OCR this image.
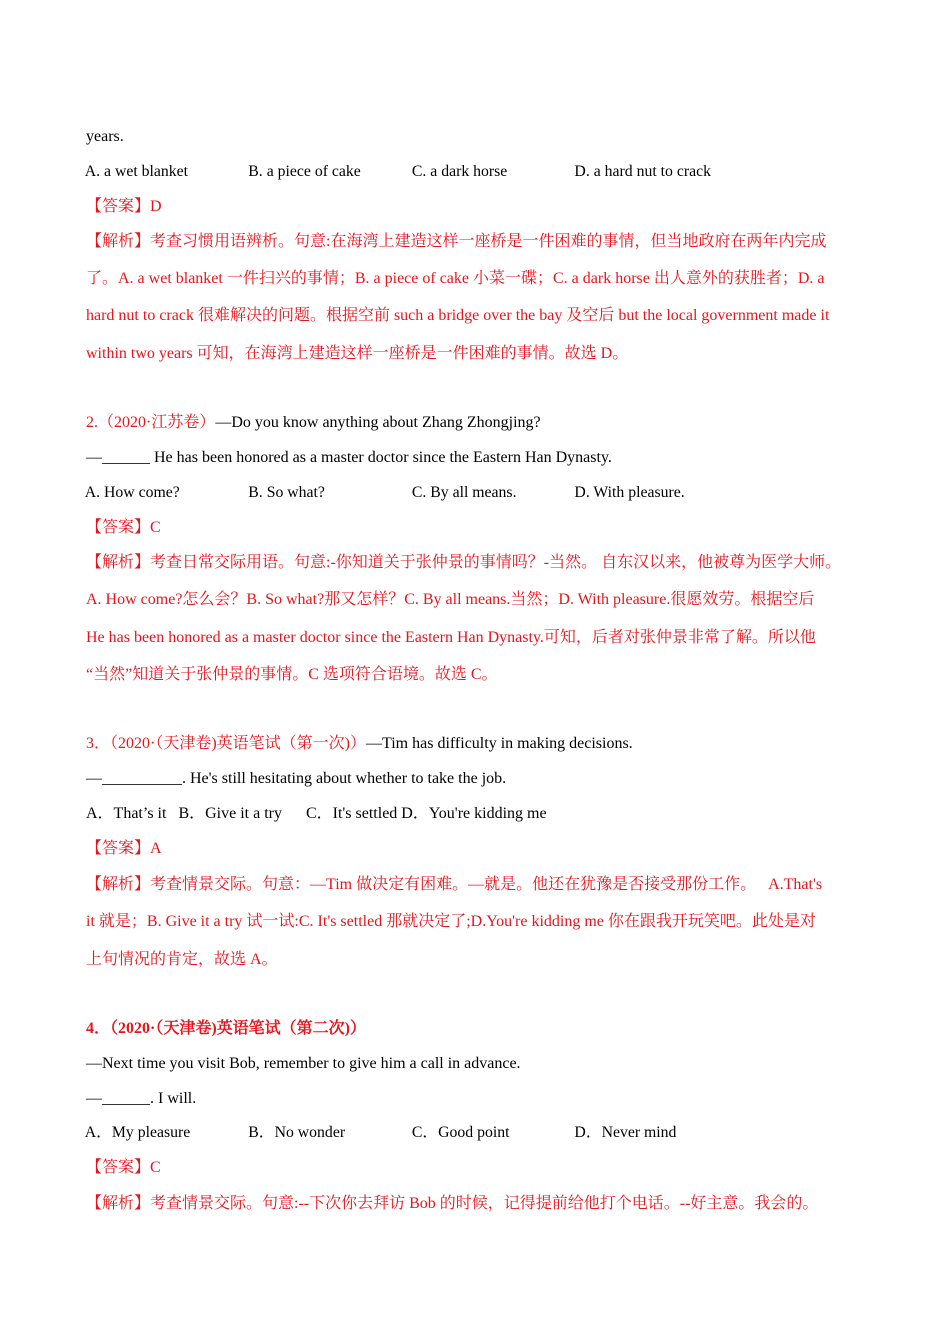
years.
A. a wet blanket	B. a piece of cake	C. a dark horse	D. a hard nut to crack
【答案】D
【解析】考查习惯用语辨析。句意:在海湾上建造这样一座桥是一件困难的事情，但当地政府在两年内完成
了。A. a wet blanket 一件扫兴的事情；B. a piece of cake 小菜一碟；C. a dark horse 出人意外的获胜者；D. a
hard nut to crack 很难解决的问题。根据空前 such a bridge over the bay 及空后 but the local government made it
within two years 可知，在海湾上建造这样一座桥是一件困难的事情。故选 D。
2.（2020·江苏卷）—Do you know anything about Zhang Zhongjing?
—______ He has been honored as a master doctor since the Eastern Han Dynasty.
A. How come?	B. So what?	C. By all means.	D. With pleasure.
【答案】C
【解析】考查日常交际用语。句意:-你知道关于张仲景的事情吗？-当然。 自东汉以来，他被尊为医学大师。
A. How come?怎么会？B. So what?那又怎样？C. By all means.当然；D. With pleasure.很愿效劳。根据空后
He has been honored as a master doctor since the Eastern Han Dynasty.可知，后者对张仲景非常了解。所以他
“当然”知道关于张仲景的事情。C 选项符合语境。故选 C。
3．（2020·（天津卷)英语笔试（第一次)）—Tim has difficulty in making decisions.
—__________. He's still hesitating about whether to take the job.
A．That’s it   B．Give it a try      C．It's settled D．You're kidding me
【答案】A
【解析】考查情景交际。句意：—Tim 做决定有困难。—就是。他还在犹豫是否接受那份工作。   A.That's
it 就是；B. Give it a try 试一试:C. It's settled 那就决定了;D.You're kidding me 你在跟我开玩笑吧。此处是对
上句情况的肯定，故选 A。
4．（2020·（天津卷)英语笔试（第二次)）
—Next time you visit Bob, remember to give him a call in advance.
—______. I will.
A．My pleasure	B．No wonder	C．Good point	D．Never mind
【答案】C
【解析】考查情景交际。句意:--下次你去拜访 Bob 的时候，记得提前给他打个电话。--好主意。我会的。
